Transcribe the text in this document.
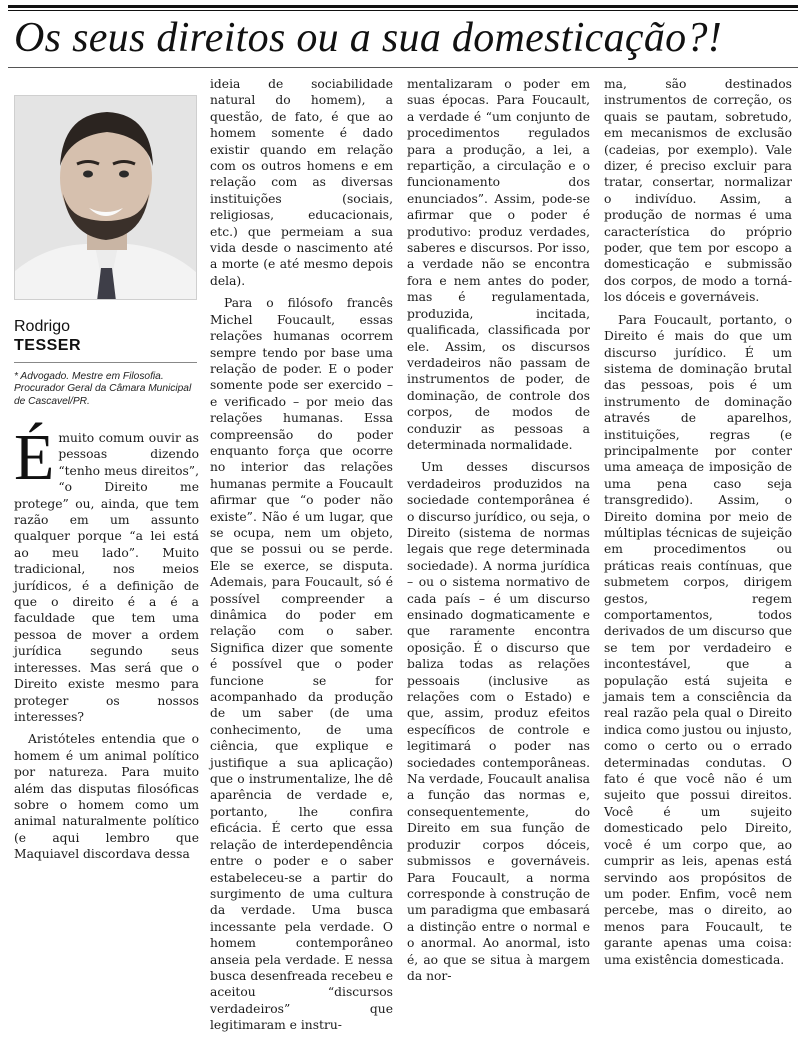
Os seus direitos ou a sua domesticação?!
Rodrigo
TESSER
* Advogado. Mestre em Filosofia. Procurador Geral da Câmara Municipal de Cascavel/PR.

Émuito comum ouvir as pessoas dizendo “tenho meus direitos”, “o Direito me protege” ou, ainda, que tem razão em um assunto qualquer porque “a lei está ao meu lado”. Muito tradicional, nos meios jurídicos, é a definição de que o direito é a é a faculdade que tem uma pessoa de mover a ordem jurídica segundo seus interesses. Mas será que o Direito existe mesmo para proteger os nossos interesses?

Aristóteles entendia que o homem é um animal político por natureza. Para muito além das disputas filosóficas sobre o homem como um animal naturalmente político (e aqui lembro que Maquiavel discordava dessa

ideia de sociabilidade natural do homem), a questão, de fato, é que ao homem somente é dado existir quando em relação com os outros homens e em relação com as diversas instituições (sociais, religiosas, educacionais, etc.) que permeiam a sua vida desde o nascimento até a morte (e até mesmo depois dela).

Para o filósofo francês Michel Foucault, essas relações humanas ocorrem sempre tendo por base uma relação de poder. E o poder somente pode ser exercido – e verificado – por meio das relações humanas. Essa compreensão do poder enquanto força que ocorre no interior das relações humanas permite a Foucault afirmar que “o poder não existe”. Não é um lugar, que se ocupa, nem um objeto, que se possui ou se perde. Ele se exerce, se disputa. Ademais, para Foucault, só é possível compreender a dinâmica do poder em relação com o saber. Significa dizer que somente é possível que o poder funcione se for acompanhado da produção de um saber (de uma conhecimento, de uma ciência, que explique e justifique a sua aplicação) que o instrumentalize, lhe dê aparência de verdade e, portanto, lhe confira eficácia. É certo que essa relação de interdependência entre o poder e o saber estabeleceu-se a partir do surgimento de uma cultura da verdade. Uma busca incessante pela verdade. O homem contemporâneo anseia pela verdade. E nessa busca desenfreada recebeu e aceitou “discursos verdadeiros” que legitimaram e instru-

mentalizaram o poder em suas épocas. Para Foucault, a verdade é “um conjunto de procedimentos regulados para a produção, a lei, a repartição, a circulação e o funcionamento dos enunciados”. Assim, pode-se afirmar que o poder é produtivo: produz verdades, saberes e discursos. Por isso, a verdade não se encontra fora e nem antes do poder, mas é regulamentada, produzida, incitada, qualificada, classificada por ele. Assim, os discursos verdadeiros não passam de instrumentos de poder, de dominação, de controle dos corpos, de modos de conduzir as pessoas a determinada normalidade.

Um desses discursos verdadeiros produzidos na sociedade contemporânea é o discurso jurídico, ou seja, o Direito (sistema de normas legais que rege determinada sociedade). A norma jurídica – ou o sistema normativo de cada país – é um discurso ensinado dogmaticamente e que raramente encontra oposição. É o discurso que baliza todas as relações pessoais (inclusive as relações com o Estado) e que, assim, produz efeitos específicos de controle e legitimará o poder nas sociedades contemporâneas. Na verdade, Foucault analisa a função das normas e, consequentemente, do Direito em sua função de produzir corpos dóceis, submissos e governáveis. Para Foucault, a norma corresponde à construção de um paradigma que embasará a distinção entre o normal e o anormal. Ao anormal, isto é, ao que se situa à margem da nor-

ma, são destinados instrumentos de correção, os quais se pautam, sobretudo, em mecanismos de exclusão (cadeias, por exemplo). Vale dizer, é preciso excluir para tratar, consertar, normalizar o indivíduo. Assim, a produção de normas é uma característica do próprio poder, que tem por escopo a domesticação e submissão dos corpos, de modo a torná-los dóceis e governáveis.

Para Foucault, portanto, o Direito é mais do que um discurso jurídico. É um sistema de dominação brutal das pessoas, pois é um instrumento de dominação através de aparelhos, instituições, regras (e principalmente por conter uma ameaça de imposição de uma pena caso seja transgredido). Assim, o Direito domina por meio de múltiplas técnicas de sujeição em procedimentos ou práticas reais contínuas, que submetem corpos, dirigem gestos, regem comportamentos, todos derivados de um discurso que se tem por verdadeiro e incontestável, que a população está sujeita e jamais tem a consciência da real razão pela qual o Direito indica como justou ou injusto, como o certo ou o errado determinadas condutas. O fato é que você não é um sujeito que possui direitos. Você é um sujeito domesticado pelo Direito, você é um corpo que, ao cumprir as leis, apenas está servindo aos propósitos de um poder. Enfim, você nem percebe, mas o direito, ao menos para Foucault, te garante apenas uma coisa: uma existência domesticada.
